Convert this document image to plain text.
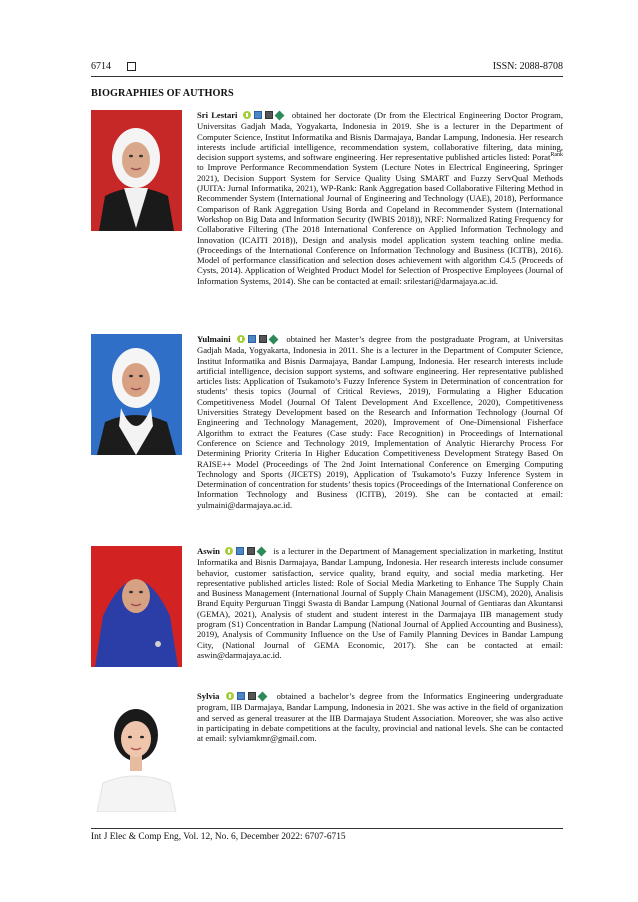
6714	ISSN: 2088-8708
BIOGRAPHIES OF AUTHORS
Sri Lestari	obtained her doctorate (Dr from the Electrical Engineering Doctor Program, Universitas Gadjah Mada, Yogyakarta, Indonesia in 2019. She is a lecturer in the Department of Computer Science, Institut Informatika and Bisnis Darmajaya, Bandar Lampung, Indonesia. Her research interests include artificial intelligence, recommendation system, collaborative filtering, data mining, decision support systems, and software engineering. Her representative published articles listed: Porat$^{Rank}$ to Improve Performance Recommendation System (Lecture Notes in Electrical Engineering, Springer 2021), Decision Support System for Service Quality Using SMART and Fuzzy ServQual Methods (JUITA: Jurnal Informatika, 2021), WP-Rank: Rank Aggregation based Collaborative Filtering Method in Recommender System (International Journal of Engineering and Technology (UAE), 2018), Performance Comparison of Rank Aggregation Using Borda and Copeland in Recommender System (International Workshop on Big Data and Information Security (IWBIS 2018)), NRF: Normalized Rating Frequency for Collaborative Filtering (The 2018 International Conference on Applied Information Technology and Innovation (ICAITI 2018)), Design and analysis model application system teaching online media. (Proceedings of the International Conference on Information Technology and Business (ICITB), 2016). Model of performance classification and selection doses achievement with algorithm C4.5 (Proceeds of Cysts, 2014). Application of Weighted Product Model for Selection of Prospective Employees (Journal of Information Systems, 2014). She can be contacted at email: srilestari@darmajaya.ac.id.
Yulmaini	obtained her Master’s degree from the postgraduate Program, at Universitas Gadjah Mada, Yogyakarta, Indonesia in 2011. She is a lecturer in the Department of Computer Science, Institut Informatika and Bisnis Darmajaya, Bandar Lampung, Indonesia. Her research interests include artificial intelligence, decision support systems, and software engineering. Her representative published articles lists: Application of Tsukamoto’s Fuzzy Inference System in Determination of concentration for students’ thesis topics (Journal of Critical Reviews, 2019), Formulating a Higher Education Competitiveness Model (Journal Of Talent Development And Excellence, 2020), Competitiveness Universities Strategy Development based on the Research and Information Technology (Journal Of Engineering and Technology Management, 2020), Improvement of One-Dimensional Fisherface Algorithm to extract the Features (Case study: Face Recognition) in Proceedings of International Conference on Science and Technology 2019, Implementation of Analytic Hierarchy Process For Determining Priority Criteria In Higher Education Competitiveness Development Strategy Based On RAISE++ Model (Proceedings of The 2nd Joint International Conference on Emerging Computing Technology and Sports (JICETS) 2019), Application of Tsukamoto’s Fuzzy Inference System in Determination of concentration for students’ thesis topics (Proceedings of the International Conference on Information Technology and Business (ICITB), 2019). She can be contacted at email: yulmaini@darmajaya.ac.id.
Aswin	is a lecturer in the Department of Management specialization in marketing, Institut Informatika and Bisnis Darmajaya, Bandar Lampung, Indonesia. Her research interests include consumer behavior, customer satisfaction, service quality, brand equity, and social media marketing. Her representative published articles listed: Role of Social Media Marketing to Enhance The Supply Chain and Business Management (International Journal of Supply Chain Management (IJSCM), 2020), Analisis Brand Equity Perguruan Tinggi Swasta di Bandar Lampung (National Journal of Gentiaras dan Akuntansi (GEMA), 2021), Analysis of student and student interest in the Darmajaya IIB management study program (S1) Concentration in Bandar Lampung (National Journal of Applied Accounting and Business), 2019), Analysis of Community Influence on the Use of Family Planning Devices in Bandar Lampung City, (National Journal of GEMA Economic, 2017). She can be contacted at email: aswin@darmajaya.ac.id.
Sylvia	obtained a bachelor’s degree from the Informatics Engineering undergraduate program, IIB Darmajaya, Bandar Lampung, Indonesia in 2021. She was active in the field of organization and served as general treasurer at the IIB Darmajaya Student Association. Moreover, she was also active in participating in debate competitions at the faculty, provincial and national levels. She can be contacted at email: sylviamkmr@gmail.com.
Int J Elec & Comp Eng, Vol. 12, No. 6, December 2022: 6707-6715
